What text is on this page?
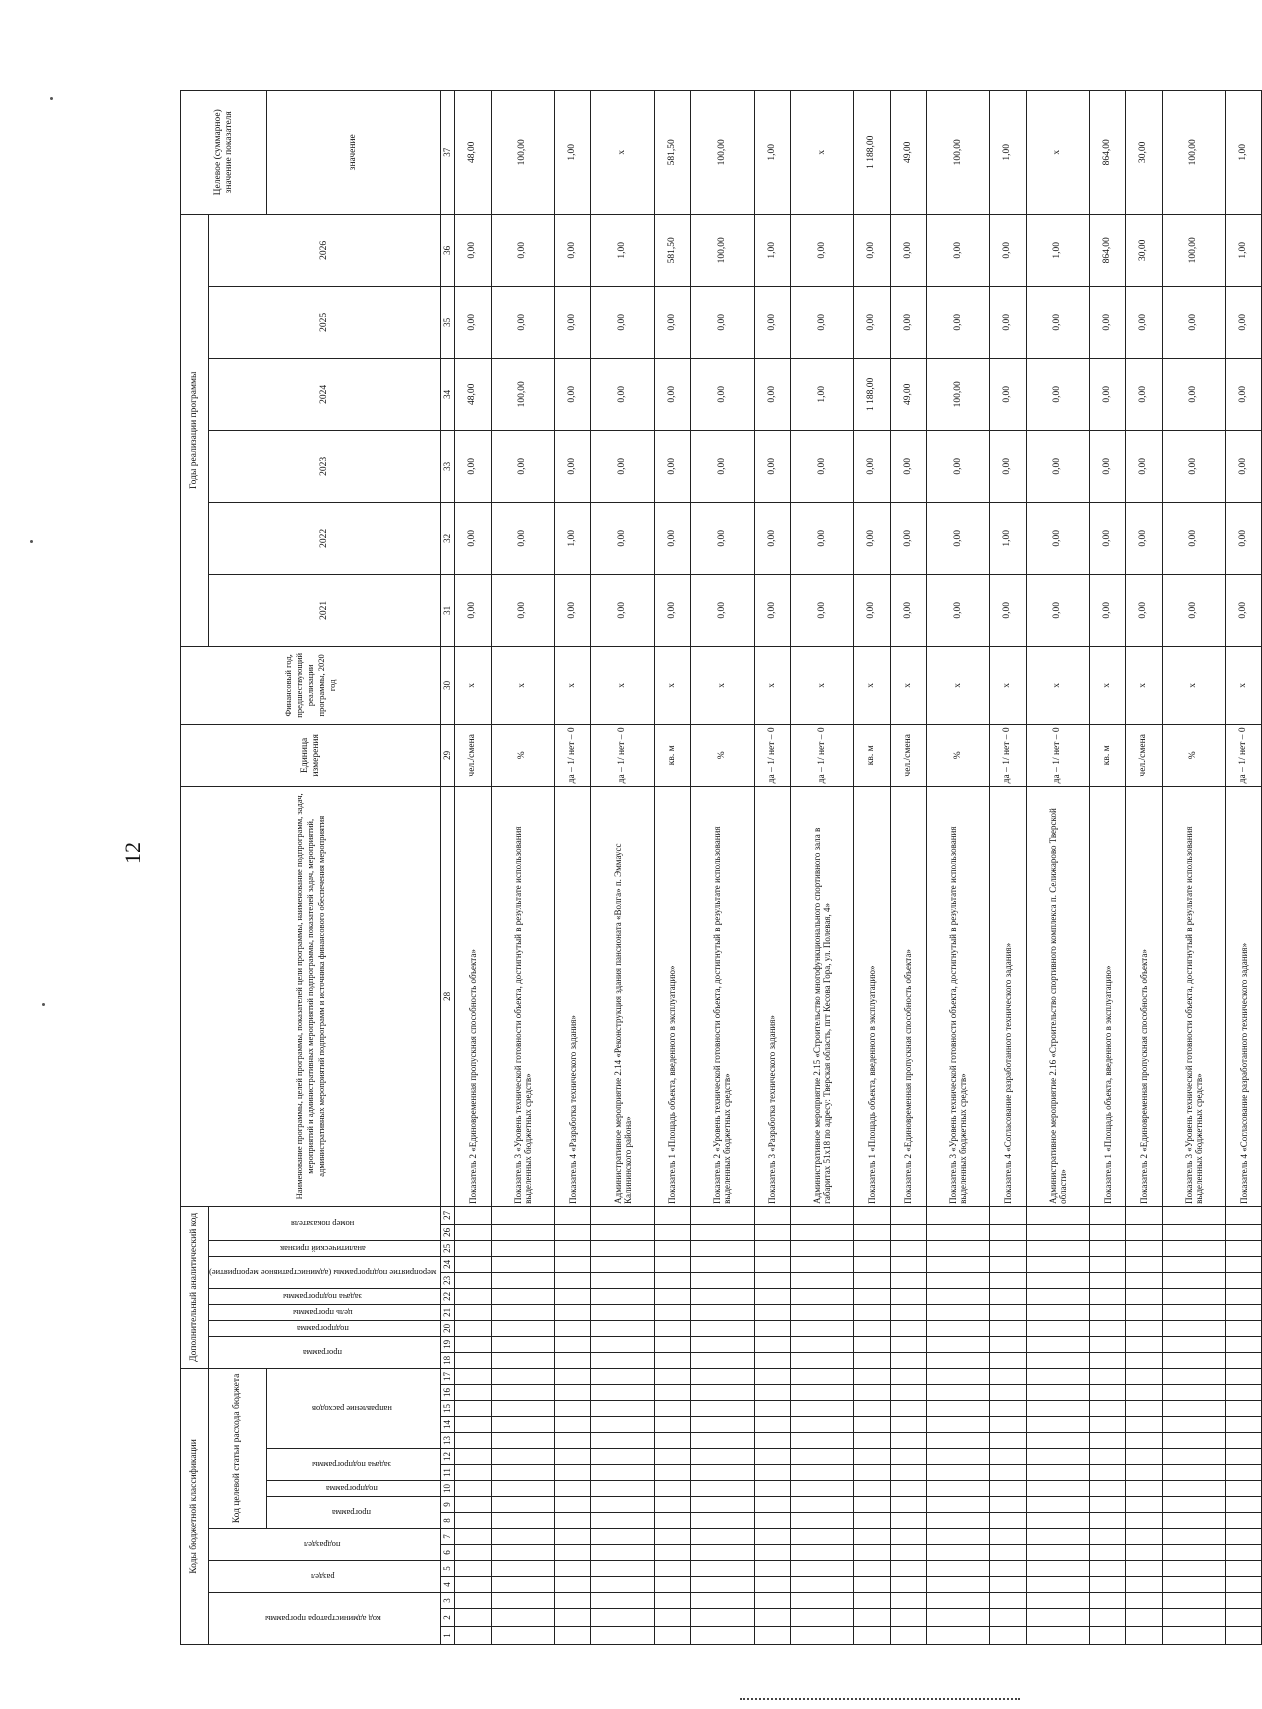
12
Коды бюджетной классификации																	Дополнительный аналитический код										Наименование программы, целей программы, показателей цели программы, наименование подпрограмм, задач, мероприятий и административных мероприятий подпрограммы, показателей задач, мероприятий, административных мероприятий подпрограмм и источника финансового обеспечения мероприятия	Единица измерения	Финансовый год, предшествующий реализации программы, 2020 год	Годы реализации программы						Целевое (суммарное) значение показателя
код администратора программы			раздел		подраздел		Код целевой статьи расхода бюджета										программа		подпрограмма	цель программы	задача подпрограммы	мероприятие подпрограммы (административное мероприятие)		аналитический признак	номер показателя					2021	2022	2023	2024	2025	2026	
							программа		подпрограмма	задача подпрограммы		направление расходов																								значение
1	2	3	4	5	6	7	8	9	10	11	12	13	14	15	16	17	18	19	20	21	22	23	24	25	26	27	28	29	30	31	32	33	34	35	36	37
																											Показатель 2 «Единовременная пропускная способность объекта»	чел./смена	x	0,00	0,00	0,00	48,00	0,00	0,00	48,00
																											Показатель 3 «Уровень технической готовности объекта, достигнутый в результате использования выделенных бюджетных средств»	%	x	0,00	0,00	0,00	100,00	0,00	0,00	100,00
																											Показатель 4 «Разработка технического задания»	да – 1/ нет – 0	x	0,00	1,00	0,00	0,00	0,00	0,00	1,00
																											Административное мероприятие 2.14 «Реконструкция здания пансионата «Волга» п. Эммаусс Калининского района»	да – 1/ нет – 0	x	0,00	0,00	0,00	0,00	0,00	1,00	x
																											Показатель 1 «Площадь объекта, введенного в эксплуатацию»	кв. м	x	0,00	0,00	0,00	0,00	0,00	581,50	581,50
																											Показатель 2 «Уровень технической готовности объекта, достигнутый в результате использования выделенных бюджетных средств»	%	x	0,00	0,00	0,00	0,00	0,00	100,00	100,00
																											Показатель 3 «Разработка технического задания»	да – 1/ нет – 0	x	0,00	0,00	0,00	0,00	0,00	1,00	1,00
																											Административное мероприятие 2.15 «Строительство многофункционального спортивного зала в габаритах 51х18 по адресу: Тверская область, пгт Кесова Гора, ул. Полевая, 4»	да – 1/ нет – 0	x	0,00	0,00	0,00	1,00	0,00	0,00	x
																											Показатель 1 «Площадь объекта, введенного в эксплуатацию»	кв. м	x	0,00	0,00	0,00	1 188,00	0,00	0,00	1 188,00
																											Показатель 2 «Единовременная пропускная способность объекта»	чел./смена	x	0,00	0,00	0,00	49,00	0,00	0,00	49,00
																											Показатель 3 «Уровень технической готовности объекта, достигнутый в результате использования выделенных бюджетных средств»	%	x	0,00	0,00	0,00	100,00	0,00	0,00	100,00
																											Показатель 4 «Согласование разработанного технического задания»	да – 1/ нет – 0	x	0,00	1,00	0,00	0,00	0,00	0,00	1,00
																											Административное мероприятие 2.16 «Строительство спортивного комплекса п. Селижарово Тверской области»	да – 1/ нет – 0	x	0,00	0,00	0,00	0,00	0,00	1,00	x
																											Показатель 1 «Площадь объекта, введенного в эксплуатацию»	кв. м	x	0,00	0,00	0,00	0,00	0,00	864,00	864,00
																											Показатель 2 «Единовременная пропускная способность объекта»	чел./смена	x	0,00	0,00	0,00	0,00	0,00	30,00	30,00
																											Показатель 3 «Уровень технической готовности объекта, достигнутый в результате использования выделенных бюджетных средств»	%	x	0,00	0,00	0,00	0,00	0,00	100,00	100,00
																											Показатель 4 «Согласование разработанного технического задания»	да – 1/ нет – 0	x	0,00	0,00	0,00	0,00	0,00	1,00	1,00
